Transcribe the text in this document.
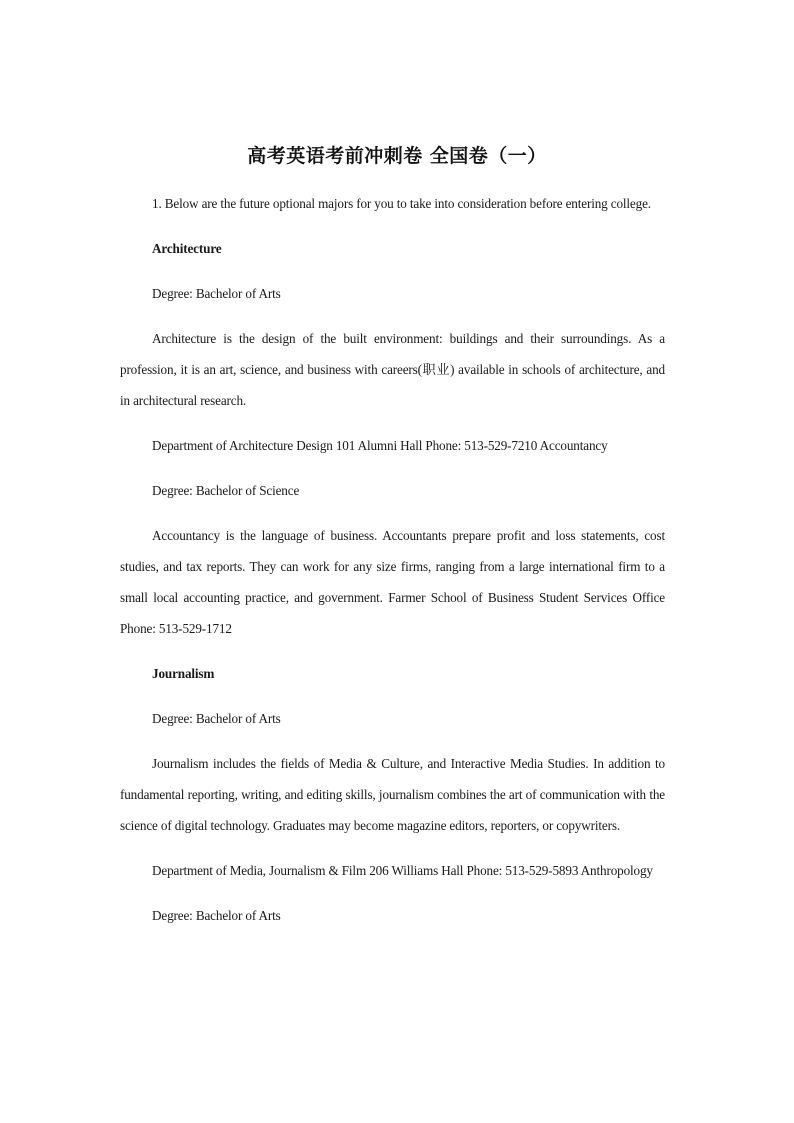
高考英语考前冲刺卷 全国卷（一）

1. Below are the future optional majors for you to take into consideration before entering college.

Architecture

Degree: Bachelor of Arts

Architecture is the design of the built environment: buildings and their surroundings. As a profession, it is an art, science, and business with careers(职业) available in schools of architecture, and in architectural research.

Department of Architecture Design 101 Alumni Hall Phone: 513-529-7210 Accountancy

Degree: Bachelor of Science

Accountancy is the language of business. Accountants prepare profit and loss statements, cost studies, and tax reports. They can work for any size firms, ranging from a large international firm to a small local accounting practice, and government. Farmer School of Business Student Services Office Phone: 513-529-1712

Journalism

Degree: Bachelor of Arts

Journalism includes the fields of Media & Culture, and Interactive Media Studies. In addition to fundamental reporting, writing, and editing skills, journalism combines the art of communication with the science of digital technology. Graduates may become magazine editors, reporters, or copywriters.

Department of Media, Journalism & Film 206 Williams Hall Phone: 513-529-5893 Anthropology

Degree: Bachelor of Arts
